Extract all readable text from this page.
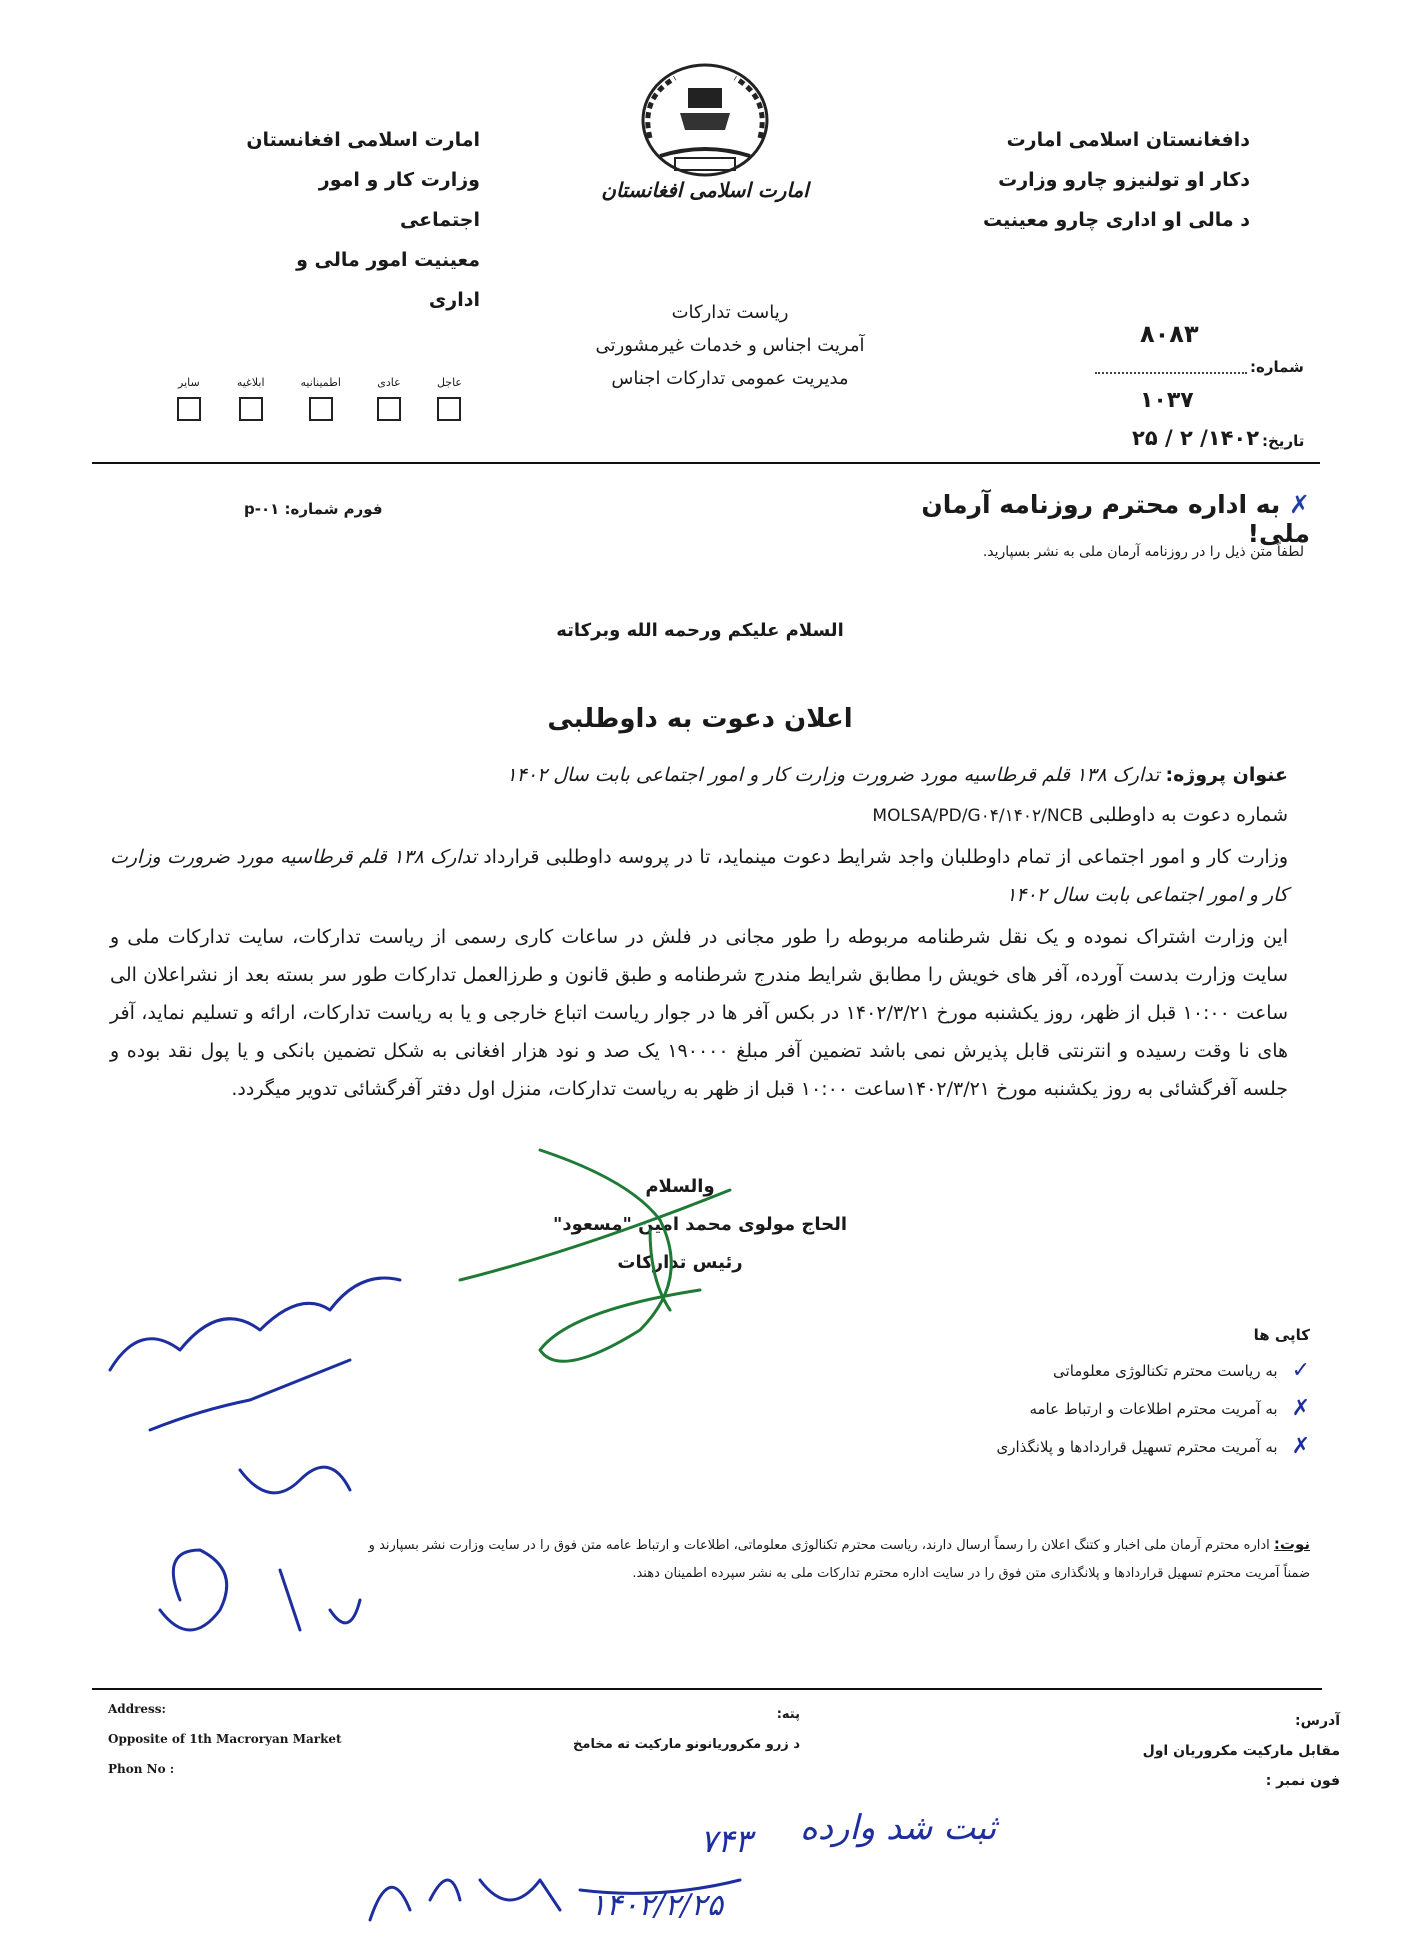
امارت اسلامی افغانستان
وزارت کار و امور اجتماعی
معینیت امور مالی و اداری
دافغانستان اسلامی امارت
دکار او تولنیزو چارو وزارت
د مالی او اداری چارو معینیت
امارت اسلامی افغانستان
ریاست تدارکات
آمریت اجناس و خدمات غیرمشورتی
مدیریت عمومی تدارکات اجناس
عاجل
عادی
اطمینانیه
ابلاغیه
سایر
۸۰۸۳
شماره:
۱۰۳۷
تاریخ:
۱۴۰۲/ ۲ / ۲۵
✗ به اداره محترم روزنامه آرمان ملی!
لطفاً متن ذیل را در روزنامه آرمان ملی به نشر بسپارید.
فورم شماره: ۰۱-p
السلام علیکم ورحمه الله وبرکاته
اعلان دعوت به داوطلبی
عنوان پروژه: تدارک ۱۳۸ قلم قرطاسیه مورد ضرورت وزارت کار و امور اجتماعی بابت سال ۱۴۰۲
شماره دعوت به داوطلبی MOLSA/PD/G۰۴/۱۴۰۲/NCB
وزارت کار و امور اجتماعی از تمام داوطلبان واجد شرایط دعوت مینماید، تا در پروسه داوطلبی قرارداد تدارک ۱۳۸ قلم قرطاسیه مورد ضرورت وزارت کار و امور اجتماعی بابت سال ۱۴۰۲
این وزارت اشتراک نموده و یک نقل شرطنامه مربوطه را طور مجانی در فلش در ساعات کاری رسمی از ریاست تدارکات، سایت تدارکات ملی و سایت وزارت بدست آورده، آفر های خویش را مطابق شرایط مندرج شرطنامه و طبق قانون و طرزالعمل تدارکات طور سر بسته بعد از نشراعلان الی ساعت ۱۰:۰۰ قبل از ظهر، روز یکشنبه مورخ ۱۴۰۲/۳/۲۱ در بکس آفر ها در جوار ریاست اتباع خارجی و یا به ریاست تدارکات، ارائه و تسلیم نماید، آفر های نا وقت رسیده و انترنتی قابل پذیرش نمی باشد تضمین آفر مبلغ ۱۹۰۰۰۰ یک صد و نود هزار افغانی به شکل تضمین بانکی و یا پول نقد بوده و جلسه آفرگشائی به روز یکشنبه مورخ ۱۴۰۲/۳/۲۱ساعت ۱۰:۰۰ قبل از ظهر به ریاست تدارکات، منزل اول دفتر آفرگشائی تدویر میگردد.
والسلام
الحاج مولوی محمد امین "مسعود"
رئیس تدارکات
کاپی ها
✓
به ریاست محترم تکنالوژی معلوماتی
✗
به آمریت محترم اطلاعات و ارتباط عامه
✗
به آمریت محترم تسهیل قراردادها و پلانگذاری
نوت: اداره محترم آرمان ملی اخبار و کتنگ اعلان را رسماً ارسال دارند، ریاست محترم تکنالوژی معلوماتی، اطلاعات و ارتباط عامه متن فوق را در سایت وزارت نشر بسپارند و
ضمناً آمریت محترم تسهیل قراردادها و پلانگذاری متن فوق را در سایت اداره محترم تدارکات ملی به نشر سپرده اطمینان دهند.
Address:
Opposite of 1th Macroryan Market
Phon No :
پته:
د زرو مکروریانونو مارکیت ته مخامخ
آدرس:
مقابل مارکیت مکروریان اول
فون نمبر :
ثبت شد وارده
۷۴۳
۱۴۰۲/۲/۲۵
